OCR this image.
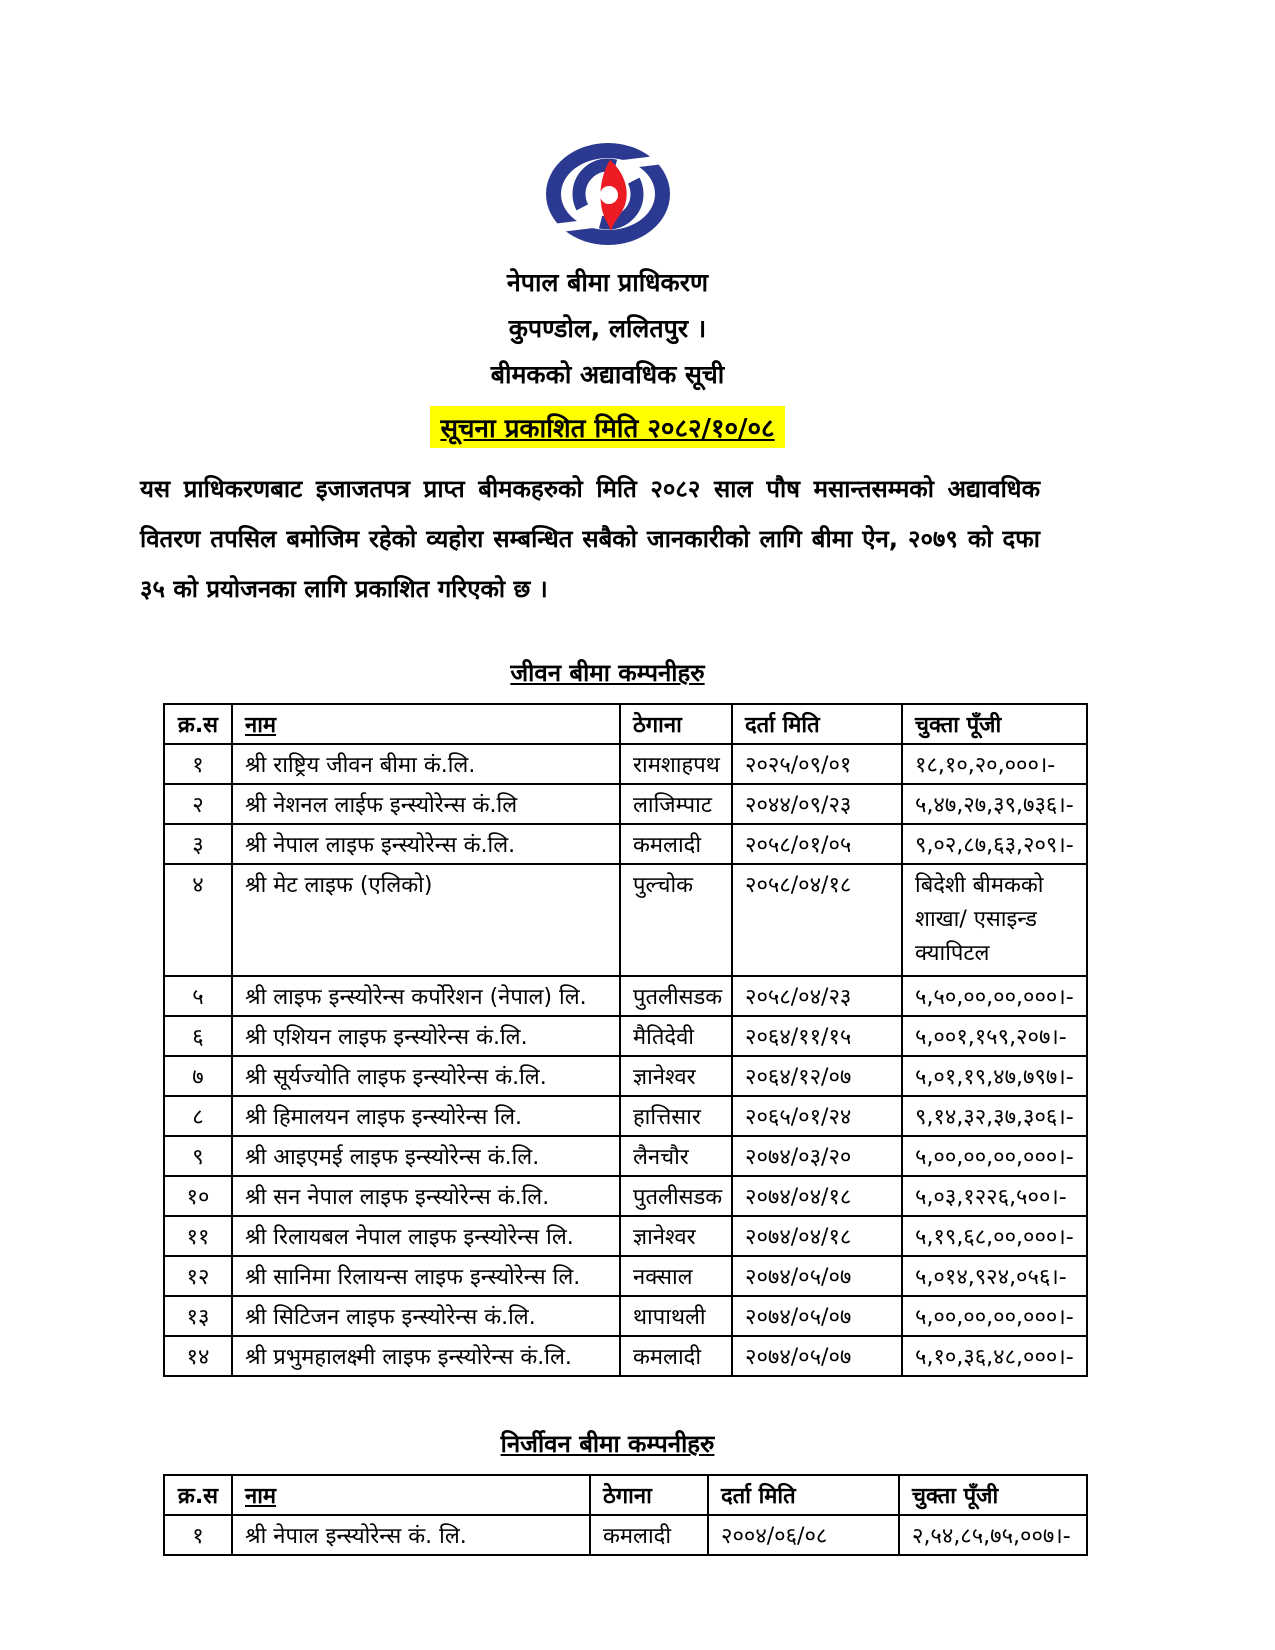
नेपाल बीमा प्राधिकरण
कुपण्डोल, ललितपुर ।
बीमकको अद्यावधिक सूची
सूचना प्रकाशित मिति २०८२/१०/०८

यस प्राधिकरणबाट इजाजतपत्र प्राप्त बीमकहरुको मिति २०८२ साल पौष मसान्तसम्मको अद्यावधिक वितरण तपसिल बमोजिम रहेको व्यहोरा सम्बन्धित सबैको जानकारीको लागि बीमा ऐन, २०७९ को दफा ३५ को प्रयोजनका लागि प्रकाशित गरिएको छ ।

जीवन बीमा कम्पनीहरु
क्र.स	नाम	ठेगाना	दर्ता मिति	चुक्ता पूँजी
१	श्री राष्ट्रिय जीवन बीमा कं.लि.	रामशाहपथ	२०२५/०९/०१	१८,१०,२०,०००।-
२	श्री नेशनल लाईफ इन्स्योरेन्स कं.लि	लाजिम्पाट	२०४४/०९/२३	५,४७,२७,३९,७३६।-
३	श्री नेपाल लाइफ इन्स्योरेन्स कं.लि.	कमलादी	२०५८/०१/०५	९,०२,८७,६३,२०९।-
४	श्री मेट लाइफ (एलिको)	पुल्चोक	२०५८/०४/१८	बिदेशी बीमकको शाखा/ एसाइन्ड क्यापिटल
५	श्री लाइफ इन्स्योरेन्स कर्पोरेशन (नेपाल) लि.	पुतलीसडक	२०५८/०४/२३	५,५०,००,००,०००।-
६	श्री एशियन लाइफ इन्स्योरेन्स कं.लि.	मैतिदेवी	२०६४/११/१५	५,००१,१५९,२०७।-
७	श्री सूर्यज्योति लाइफ इन्स्योरेन्स कं.लि.	ज्ञानेश्वर	२०६४/१२/०७	५,०१,१९,४७,७९७।-
८	श्री हिमालयन लाइफ इन्स्योरेन्स लि.	हात्तिसार	२०६५/०१/२४	९,१४,३२,३७,३०६।-
९	श्री आइएमई लाइफ इन्स्योरेन्स कं.लि.	लैनचौर	२०७४/०३/२०	५,००,००,००,०००।-
१०	श्री सन नेपाल लाइफ इन्स्योरेन्स कं.लि.	पुतलीसडक	२०७४/०४/१८	५,०३,१२२६,५००।-
११	श्री रिलायबल नेपाल लाइफ इन्स्योरेन्स लि.	ज्ञानेश्वर	२०७४/०४/१८	५,१९,६८,००,०००।-
१२	श्री सानिमा रिलायन्स लाइफ इन्स्योरेन्स लि.	नक्साल	२०७४/०५/०७	५,०१४,९२४,०५६।-
१३	श्री सिटिजन लाइफ इन्स्योरेन्स कं.लि.	थापाथली	२०७४/०५/०७	५,००,००,००,०००।-
१४	श्री प्रभुमहालक्ष्मी लाइफ इन्स्योरेन्स कं.लि.	कमलादी	२०७४/०५/०७	५,१०,३६,४८,०००।-
निर्जीवन बीमा कम्पनीहरु
क्र.स	नाम	ठेगाना	दर्ता मिति	चुक्ता पूँजी
१	श्री नेपाल इन्स्योरेन्स कं. लि.	कमलादी	२००४/०६/०८	२,५४,८५,७५,००७।-
